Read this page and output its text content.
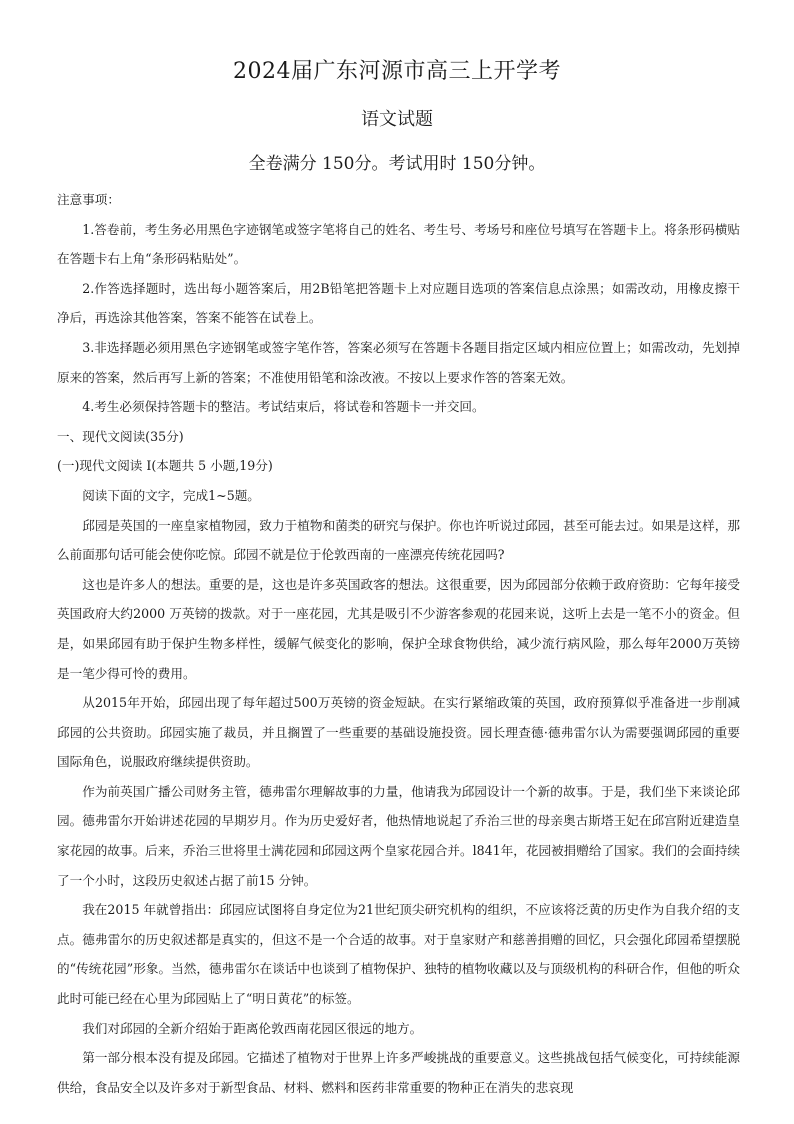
2024届广东河源市高三上开学考
语文试题
全卷满分 150分。考试用时 150分钟。

注意事项：

1.答卷前，考生务必用黑色字迹钢笔或签字笔将自己的姓名、考生号、考场号和座位号填写在答题卡上。将条形码横贴在答题卡右上角“条形码粘贴处”。

2.作答选择题时，选出每小题答案后，用2B铅笔把答题卡上对应题目选项的答案信息点涂黑；如需改动，用橡皮擦干净后，再选涂其他答案，答案不能答在试卷上。

3.非选择题必须用黑色字迹钢笔或签字笔作答，答案必须写在答题卡各题目指定区域内相应位置上；如需改动，先划掉原来的答案，然后再写上新的答案；不准使用铅笔和涂改液。不按以上要求作答的答案无效。

4.考生必须保持答题卡的整洁。考试结束后，将试卷和答题卡一并交回。

一、现代文阅读(35分)

(一)现代文阅读 I(本题共 5 小题,19分)

阅读下面的文字，完成1~5题。

邱园是英国的一座皇家植物园，致力于植物和菌类的研究与保护。你也许听说过邱园，甚至可能去过。如果是这样，那么前面那句话可能会使你吃惊。邱园不就是位于伦敦西南的一座漂亮传统花园吗?

这也是许多人的想法。重要的是，这也是许多英国政客的想法。这很重要，因为邱园部分依赖于政府资助：它每年接受英国政府大约2000 万英镑的拨款。对于一座花园，尤其是吸引不少游客参观的花园来说，这听上去是一笔不小的资金。但是，如果邱园有助于保护生物多样性，缓解气候变化的影响，保护全球食物供给，减少流行病风险，那么每年2000万英镑是一笔少得可怜的费用。

从2015年开始，邱园出现了每年超过500万英镑的资金短缺。在实行紧缩政策的英国，政府预算似乎准备进一步削减邱园的公共资助。邱园实施了裁员，并且搁置了一些重要的基础设施投资。园长理查德·德弗雷尔认为需要强调邱园的重要国际角色，说服政府继续提供资助。

作为前英国广播公司财务主管，德弗雷尔理解故事的力量，他请我为邱园设计一个新的故事。于是，我们坐下来谈论邱园。德弗雷尔开始讲述花园的早期岁月。作为历史爱好者，他热情地说起了乔治三世的母亲奥古斯塔王妃在邱宫附近建造皇家花园的故事。后来，乔治三世将里士满花园和邱园这两个皇家花园合并。l841年，花园被捐赠给了国家。我们的会面持续了一个小时，这段历史叙述占据了前15 分钟。

我在2015 年就曾指出：邱园应试图将自身定位为21世纪顶尖研究机构的组织，不应该将泛黄的历史作为自我介绍的支点。德弗雷尔的历史叙述都是真实的，但这不是一个合适的故事。对于皇家财产和慈善捐赠的回忆，只会强化邱园希望摆脱的“传统花园”形象。当然，德弗雷尔在谈话中也谈到了植物保护、独特的植物收藏以及与顶级机构的科研合作，但他的听众此时可能已经在心里为邱园贴上了“明日黄花”的标签。

我们对邱园的全新介绍始于距离伦敦西南花园区很远的地方。

第一部分根本没有提及邱园。它描述了植物对于世界上许多严峻挑战的重要意义。这些挑战包括气候变化，可持续能源供给，食品安全以及许多对于新型食品、材料、燃料和医药非常重要的物种正在消失的悲哀现
